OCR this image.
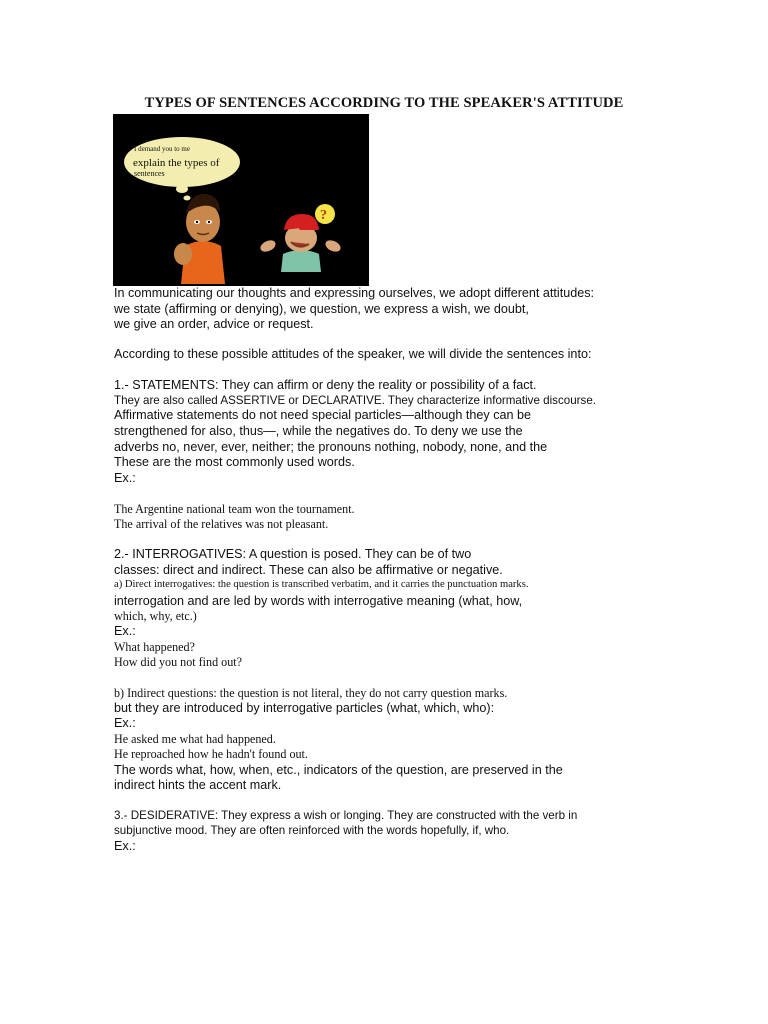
TYPES OF SENTENCES ACCORDING TO THE SPEAKER'S ATTITUDE
I demand you to me
explain the types of
sentences
?
In communicating our thoughts and expressing ourselves, we adopt different attitudes:
we state (affirming or denying), we question, we express a wish, we doubt,
we give an order, advice or request.
According to these possible attitudes of the speaker, we will divide the sentences into:
1.- STATEMENTS: They can affirm or deny the reality or possibility of a fact.
They are also called ASSERTIVE or DECLARATIVE. They characterize informative discourse.
Affirmative statements do not need special particles—although they can be
strengthened for also, thus—, while the negatives do. To deny we use the
adverbs no, never, ever, neither; the pronouns nothing, nobody, none, and the
These are the most commonly used words.
Ex.:
The Argentine national team won the tournament.
The arrival of the relatives was not pleasant.
2.- INTERROGATIVES: A question is posed. They can be of two
classes: direct and indirect. These can also be affirmative or negative.
a) Direct interrogatives: the question is transcribed verbatim, and it carries the punctuation marks.
interrogation and are led by words with interrogative meaning (what, how,
which, why, etc.)
Ex.:
What happened?
How did you not find out?
b) Indirect questions: the question is not literal, they do not carry question marks.
but they are introduced by interrogative particles (what, which, who):
Ex.:
He asked me what had happened.
He reproached how he hadn't found out.
The words what, how, when, etc., indicators of the question, are preserved in the
indirect hints the accent mark.
3.- DESIDERATIVE: They express a wish or longing. They are constructed with the verb in
subjunctive mood. They are often reinforced with the words hopefully, if, who.
Ex.:
